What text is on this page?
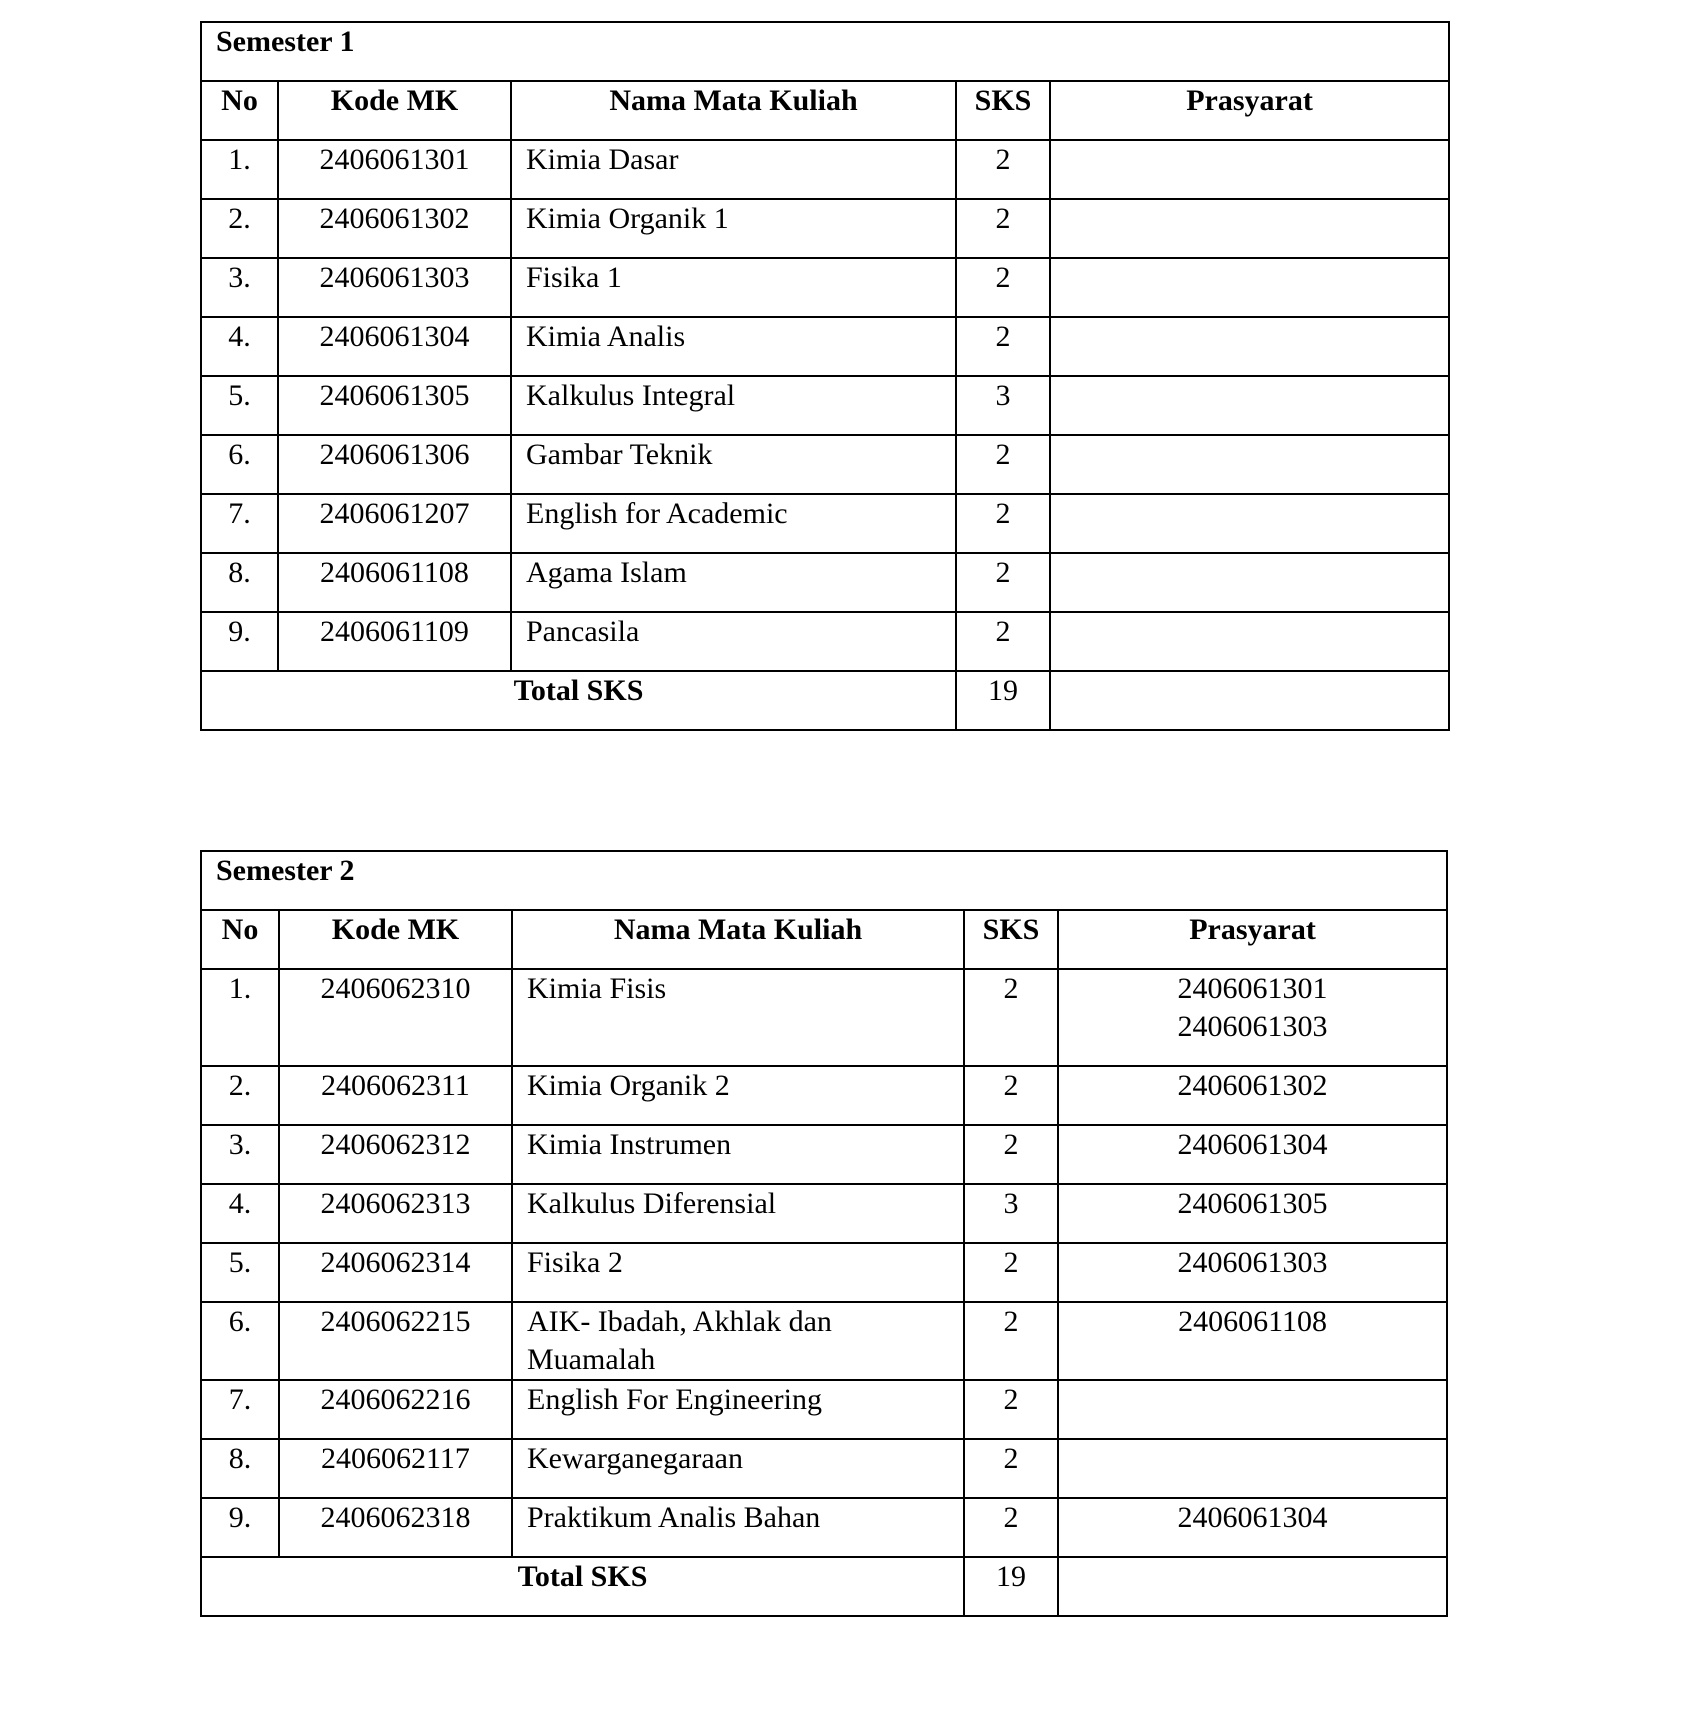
Semester 1				
No	Kode MK	Nama Mata Kuliah	SKS	Prasyarat
1.	2406061301	Kimia Dasar	2	
2.	2406061302	Kimia Organik 1	2	
3.	2406061303	Fisika 1	2	
4.	2406061304	Kimia Analis	2	
5.	2406061305	Kalkulus Integral	3	
6.	2406061306	Gambar Teknik	2	
7.	2406061207	English for Academic	2	
8.	2406061108	Agama Islam	2	
9.	2406061109	Pancasila	2	
Total SKS			19	
Semester 2				
No	Kode MK	Nama Mata Kuliah	SKS	Prasyarat
1.	2406062310	Kimia Fisis	2	2406061301
2406061303

2.	2406062311	Kimia Organik 2	2	2406061302
3.	2406062312	Kimia Instrumen	2	2406061304
4.	2406062313	Kalkulus Diferensial	3	2406061305
5.	2406062314	Fisika 2	2	2406061303
6.	2406062215	AIK- Ibadah, Akhlak dan Muamalah	2	2406061108
7.	2406062216	English For Engineering	2	
8.	2406062117	Kewarganegaraan	2	
9.	2406062318	Praktikum Analis Bahan	2	2406061304
Total SKS			19	
